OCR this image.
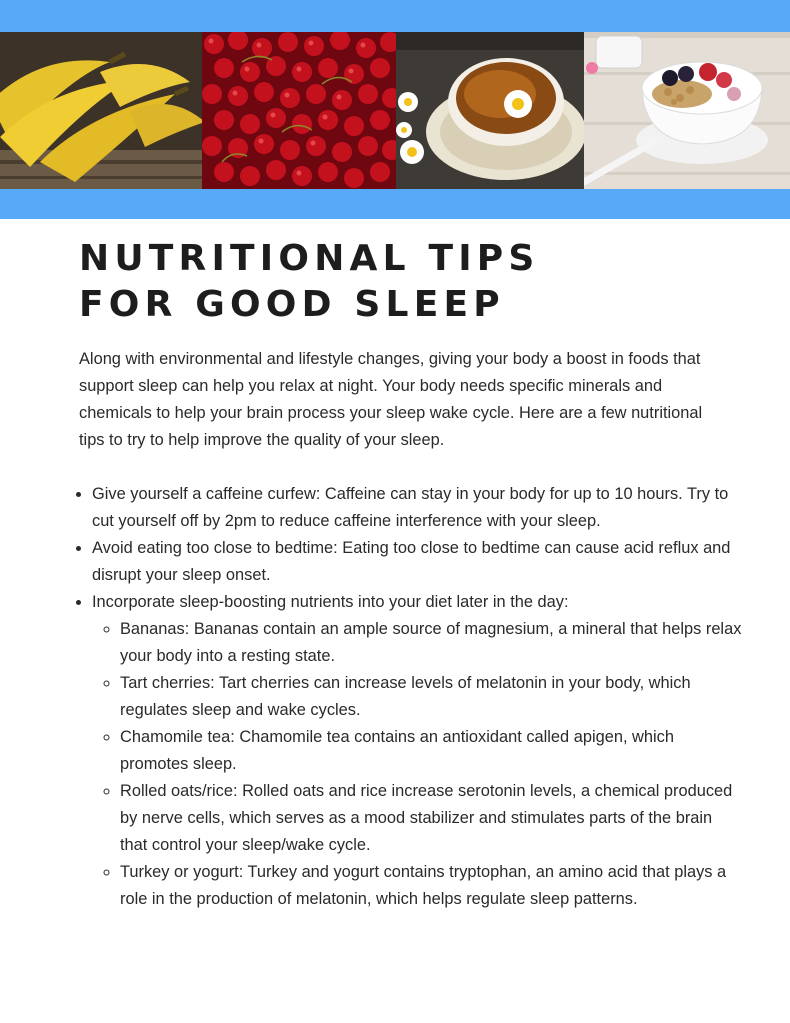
NUTRITIONAL TIPS
FOR GOOD SLEEP

Along with environmental and lifestyle changes, giving your body a boost in foods that support sleep can help you relax at night. Your body needs specific minerals and chemicals to help your brain process your sleep wake cycle. Here are a few nutritional tips to try to help improve the quality of your sleep.

• Give yourself a caffeine curfew: Caffeine can stay in your body for up to 10 hours. Try to cut yourself off by 2pm to reduce caffeine interference with your sleep.
• Avoid eating too close to bedtime: Eating too close to bedtime can cause acid reflux and disrupt your sleep onset.
• Incorporate sleep-boosting nutrients into your diet later in the day:
◦ Bananas: Bananas contain an ample source of magnesium, a mineral that helps relax your body into a resting state.
◦ Tart cherries: Tart cherries can increase levels of melatonin in your body, which regulates sleep and wake cycles.
◦ Chamomile tea: Chamomile tea contains an antioxidant called apigen, which promotes sleep.
◦ Rolled oats/rice: Rolled oats and rice increase serotonin levels, a chemical produced by nerve cells, which serves as a mood stabilizer and stimulates parts of the brain that control your sleep/wake cycle.
◦ Turkey or yogurt: Turkey and yogurt contains tryptophan, an amino acid that plays a role in the production of melatonin, which helps regulate sleep patterns.
